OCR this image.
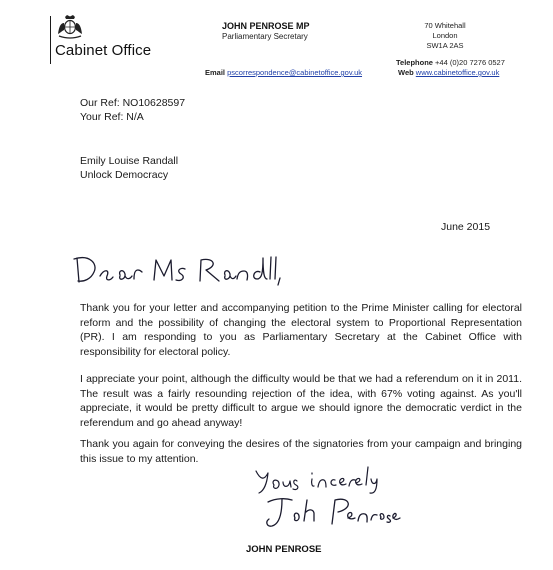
Cabinet Office
JOHN PENROSE MP
Parliamentary Secretary
70 Whitehall
London
SW1A 2AS
Telephone +44 (0)20 7276 0527
Email pscorrespondence@cabinetoffice.gov.uk	Web www.cabinetoffice.gov.uk
Our Ref: NO10628597
Your Ref: N/A
Emily Louise Randall
Unlock Democracy
June 2015
Thank you for your letter and accompanying petition to the Prime Minister calling for electoral reform and the possibility of changing the electoral system to Proportional Representation (PR). I am responding to you as Parliamentary Secretary at the Cabinet Office with responsibility for electoral policy.
I appreciate your point, although the difficulty would be that we had a referendum on it in 2011. The result was a fairly resounding rejection of the idea, with 67% voting against. As you'll appreciate, it would be pretty difficult to argue we should ignore the democratic verdict in the referendum and go ahead anyway!
Thank you again for conveying the desires of the signatories from your campaign and bringing this issue to my attention.
JOHN PENROSE
